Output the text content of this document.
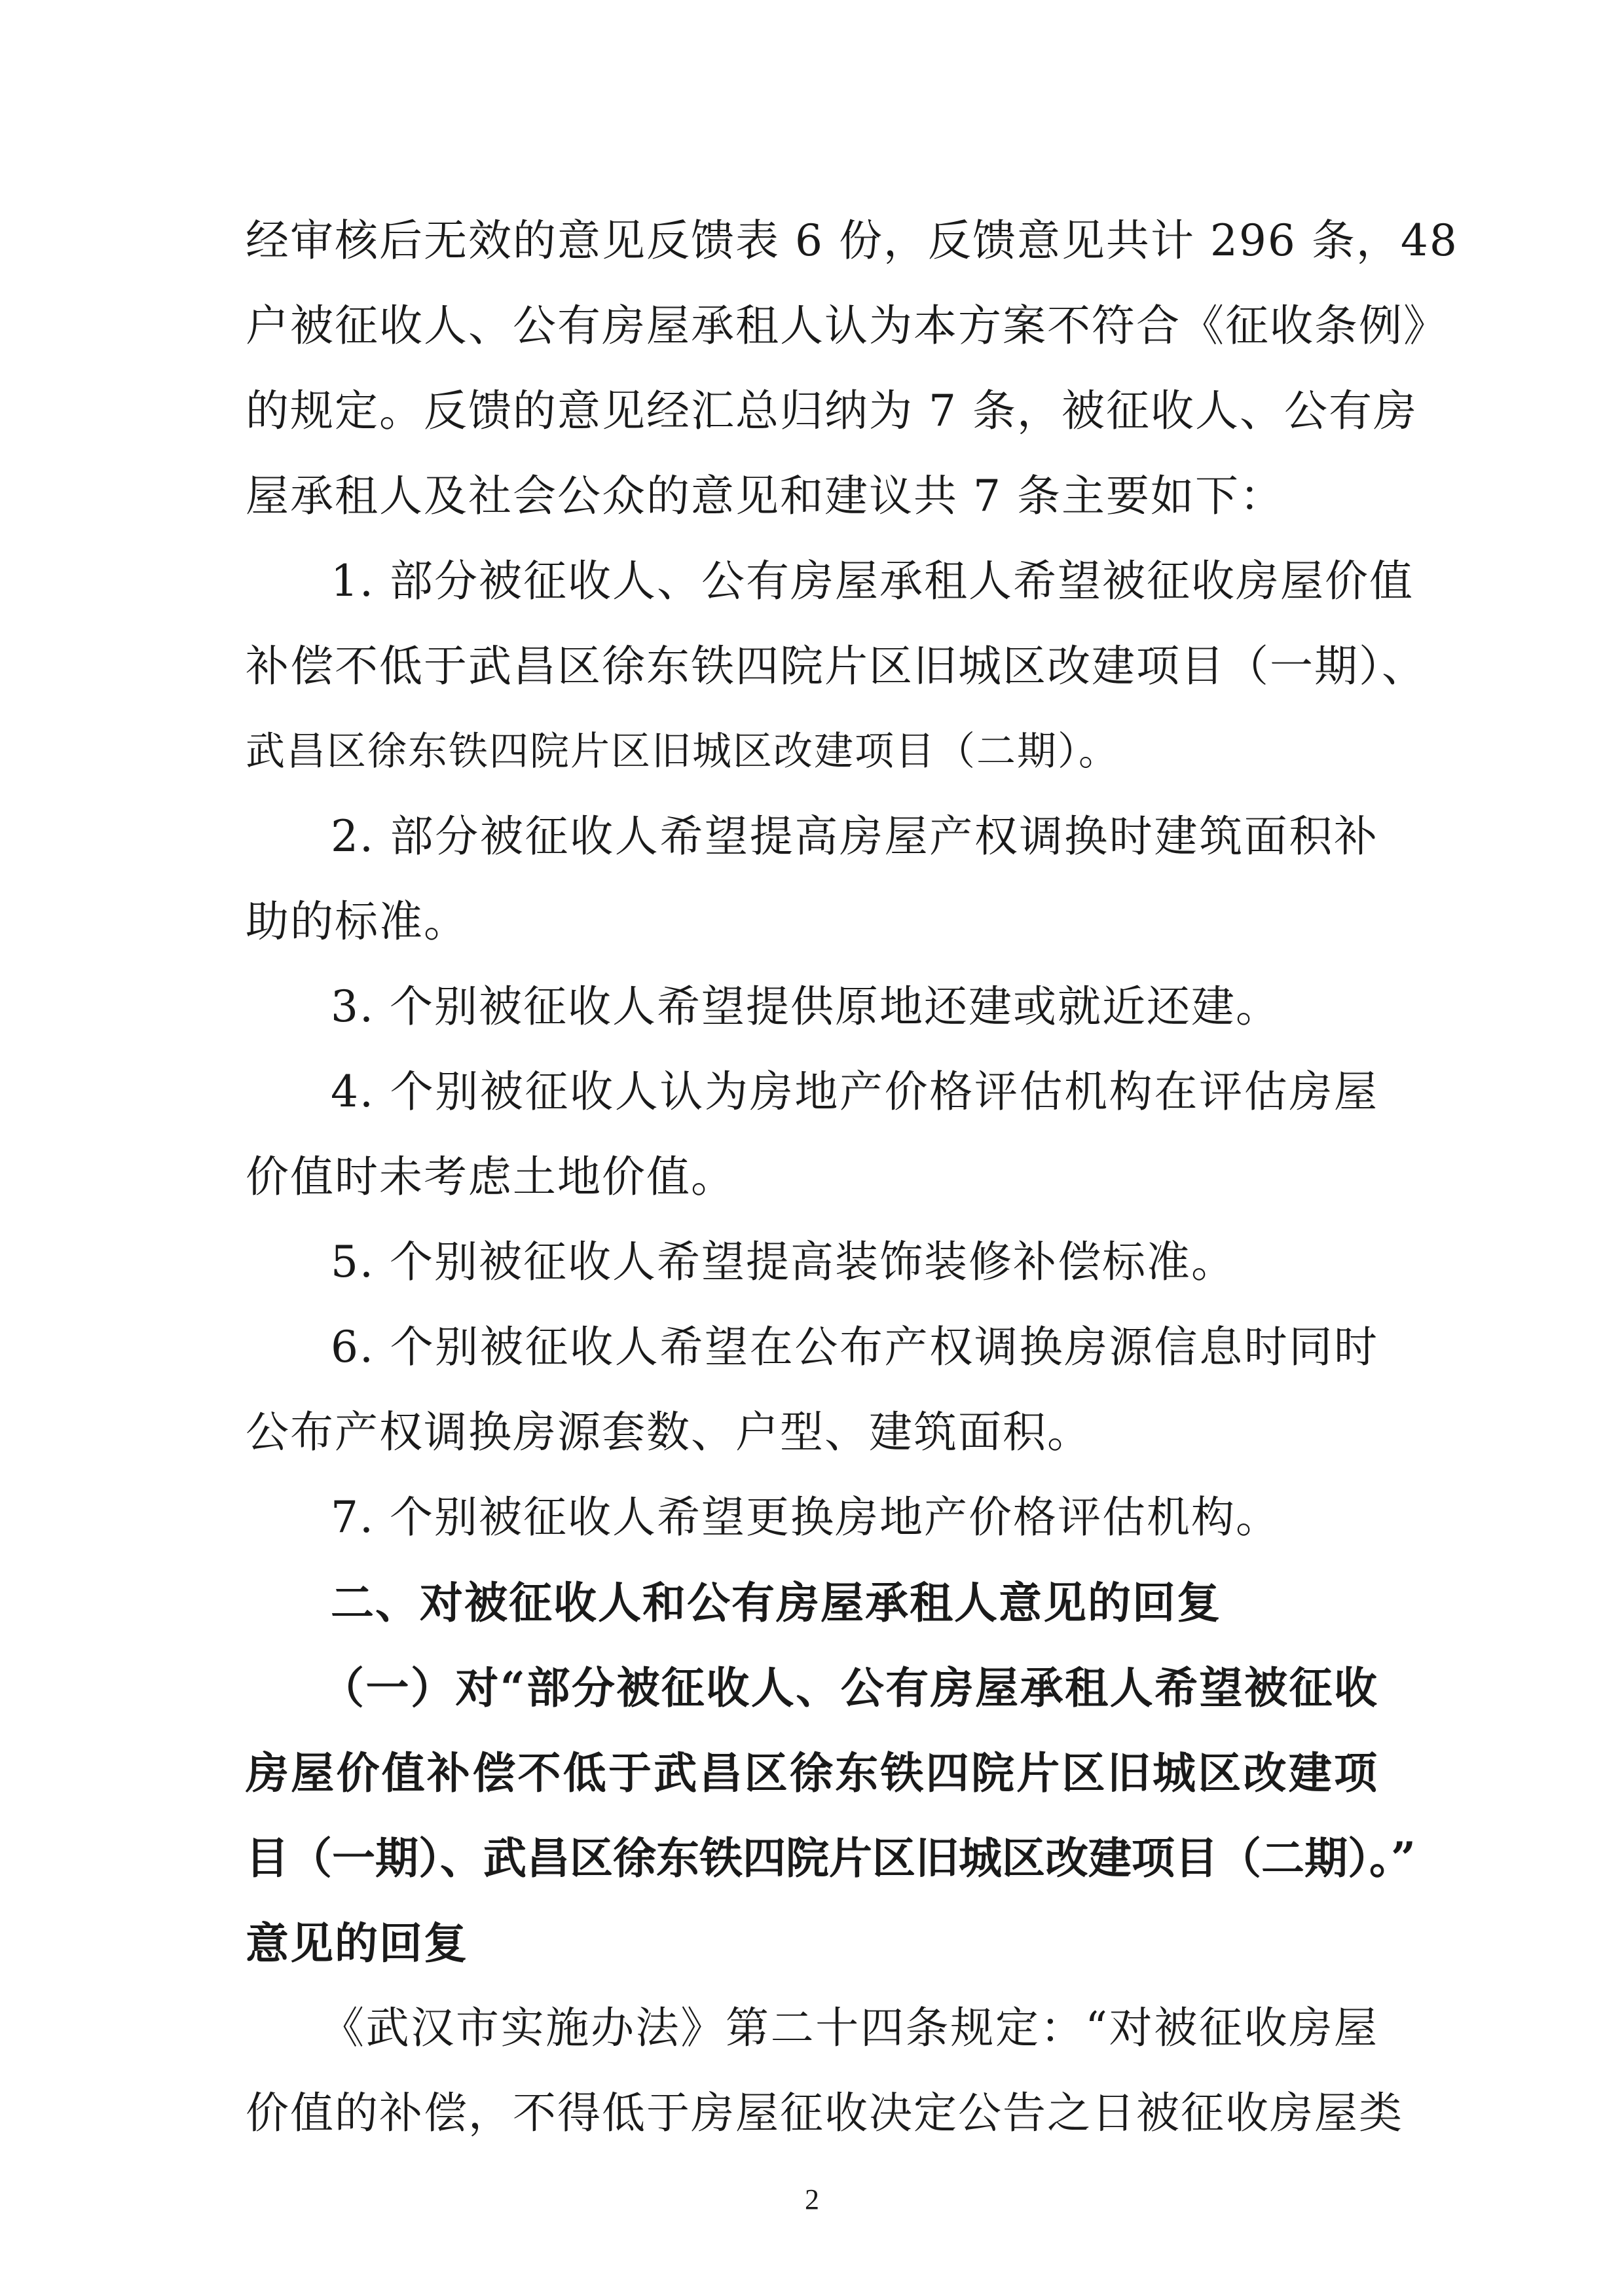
经审核后无效的意见反馈表 6 份，反馈意见共计 296 条，48
户被征收人、公有房屋承租人认为本方案不符合《征收条例》
的规定。反馈的意见经汇总归纳为 7 条，被征收人、公有房
屋承租人及社会公众的意见和建议共 7 条主要如下：
1. 部分被征收人、公有房屋承租人希望被征收房屋价值
补偿不低于武昌区徐东铁四院片区旧城区改建项目（一期）、
武昌区徐东铁四院片区旧城区改建项目（二期）。
2. 部分被征收人希望提高房屋产权调换时建筑面积补
助的标准。
3. 个别被征收人希望提供原地还建或就近还建。
4. 个别被征收人认为房地产价格评估机构在评估房屋
价值时未考虑土地价值。
5. 个别被征收人希望提高装饰装修补偿标准。
6. 个别被征收人希望在公布产权调换房源信息时同时
公布产权调换房源套数、户型、建筑面积。
7. 个别被征收人希望更换房地产价格评估机构。
二、对被征收人和公有房屋承租人意见的回复
（一）对“部分被征收人、公有房屋承租人希望被征收
房屋价值补偿不低于武昌区徐东铁四院片区旧城区改建项
目（一期）、武昌区徐东铁四院片区旧城区改建项目（二期）。”
意见的回复
《武汉市实施办法》第二十四条规定：“对被征收房屋
2
价值的补偿，不得低于房屋征收决定公告之日被征收房屋类
